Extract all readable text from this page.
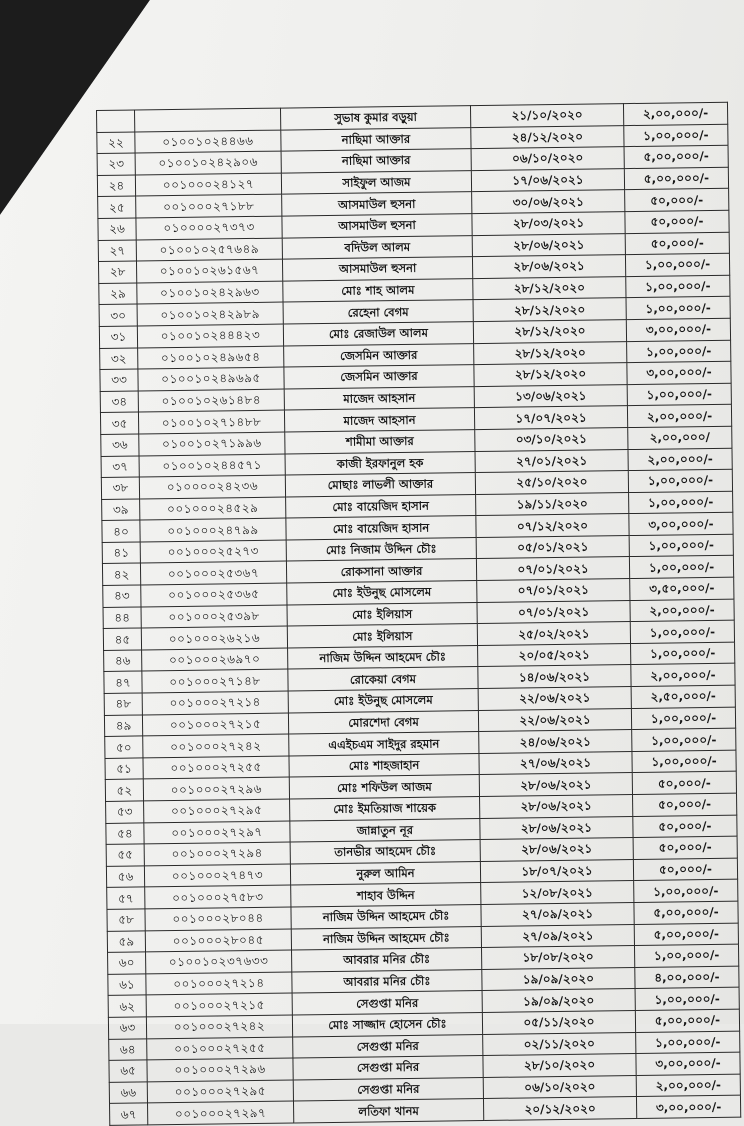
		সুভাষ কুমার বড়ুয়া	২১/১০/২০২০	২,০০,০০০/-
২২	০১০০১০২৪৪৬৬	নাছিমা আক্তার	২৪/১২/২০২০	১,০০,০০০/-
২৩	০১০০১০২৪২৯০৬	নাছিমা আক্তার	০৬/১০/২০২০	৫,০০,০০০/-
২৪	০০১০০০২৪১২৭	সাইফুল আজম	১৭/০৬/২০২১	৫,০০,০০০/-
২৫	০০১০০০২৭১৮৮	আসমাউল হুসনা	৩০/০৬/২০২১	৫০,০০০/-
২৬	০১০০০০২৭৩৭৩	আসমাউল হুসনা	২৮/০৩/২০২১	৫০,০০০/-
২৭	০১০০১০২৫৭৬৪৯	বদিউল আলম	২৮/০৬/২০২১	৫০,০০০/-
২৮	০১০০১০২৬১৫৬৭	আসমাউল হুসনা	২৮/০৬/২০২১	১,০০,০০০/-
২৯	০১০০১০২৪২৯৬৩	মোঃ শাহ আলম	২৮/১২/২০২০	১,০০,০০০/-
৩০	০১০০১০২৪২৯৮৯	রেহেনা বেগম	২৮/১২/২০২০	১,০০,০০০/-
৩১	০১০০১০২৪৪৪২৩	মোঃ রেজাউল আলম	২৮/১২/২০২০	৩,০০,০০০/-
৩২	০১০০১০২৪৯৬৫৪	জেসমিন আক্তার	২৮/১২/২০২০	১,০০,০০০/-
৩৩	০১০০১০২৪৯৬৯৫	জেসমিন আক্তার	২৮/১২/২০২০	৩,০০,০০০/-
৩৪	০১০০১০২৬১৪৮৪	মাজেদ আহসান	১৩/০৬/২০২১	১,০০,০০০/-
৩৫	০১০০১০২৭১৪৮৮	মাজেদ আহসান	১৭/০৭/২০২১	২,০০,০০০/-
৩৬	০১০০১০২৭১৯৯৬	শামীমা আক্তার	০৩/১০/২০২১	২,০০,০০০/
৩৭	০১০০১০২৪৪৫৭১	কাজী ইরফানুল হক	২৭/০১/২০২১	২,০০,০০০/-
৩৮	০১০০০০২৪২৩৬	মোছাঃ লাভলী আক্তার	২৫/১০/২০২০	১,০০,০০০/-
৩৯	০০১০০০২৪৫২৯	মোঃ বায়েজিদ হাসান	১৯/১১/২০২০	১,০০,০০০/-
৪০	০০১০০০২৪৭৯৯	মোঃ বায়েজিদ হাসান	০৭/১২/২০২০	৩,০০,০০০/-
৪১	০০১০০০২৫২৭৩	মোঃ নিজাম উদ্দিন চৌঃ	০৫/০১/২০২১	১,০০,০০০/-
৪২	০০১০০০২৫৩৬৭	রোকসানা আক্তার	০৭/০১/২০২১	১,০০,০০০/-
৪৩	০০১০০০২৫৩৬৫	মোঃ ইউনুছ মোসলেম	০৭/০১/২০২১	৩,৫০,০০০/-
৪৪	০০১০০০২৫৩৯৮	মোঃ ইলিয়াস	০৭/০১/২০২১	২,০০,০০০/-
৪৫	০০১০০০২৬২১৬	মোঃ ইলিয়াস	২৫/০২/২০২১	১,০০,০০০/-
৪৬	০০১০০০২৬৯৭০	নাজিম উদ্দিন আহমেদ চৌঃ	২০/০৫/২০২১	১,০০,০০০/-
৪৭	০০১০০০২৭১৪৮	রোকেয়া বেগম	১৪/০৬/২০২১	২,০০,০০০/-
৪৮	০০১০০০২৭২১৪	মোঃ ইউনুছ মোসলেম	২২/০৬/২০২১	২,৫০,০০০/-
৪৯	০০১০০০২৭২১৫	মোরশেদা বেগম	২২/০৬/২০২১	১,০০,০০০/-
৫০	০০১০০০২৭২৪২	এএইচএম সাইদুর রহমান	২৪/০৬/২০২১	১,০০,০০০/-
৫১	০০১০০০২৭২৫৫	মোঃ শাহজাহান	২৭/০৬/২০২১	১,০০,০০০/-
৫২	০০১০০০২৭২৯৬	মোঃ শফিউল আজম	২৮/০৬/২০২১	৫০,০০০/-
৫৩	০০১০০০২৭২৯৫	মোঃ ইমতিয়াজ শায়েক	২৮/০৬/২০২১	৫০,০০০/-
৫৪	০০১০০০২৭২৯৭	জান্নাতুন নূর	২৮/০৬/২০২১	৫০,০০০/-
৫৫	০০১০০০২৭২৯৪	তানভীর আহমেদ চৌঃ	২৮/০৬/২০২১	৫০,০০০/-
৫৬	০০১০০০২৭৪৭৩	নুরুল আমিন	১৮/০৭/২০২১	৫০,০০০/-
৫৭	০০১০০০২৭৫৮৩	শাহাব উদ্দিন	১২/০৮/২০২১	১,০০,০০০/-
৫৮	০০১০০০২৮০৪৪	নাজিম উদ্দিন আহমেদ চৌঃ	২৭/০৯/২০২১	৫,০০,০০০/-
৫৯	০০১০০০২৮০৪৫	নাজিম উদ্দিন আহমেদ চৌঃ	২৭/০৯/২০২১	৫,০০,০০০/-
৬০	০১০০১০২৩৭৬৩৩	আবরার মনির চৌঃ	১৮/০৮/২০২০	১,০০,০০০/-
৬১	০০১০০০২৭২১৪	আবরার মনির চৌঃ	১৯/০৯/২০২০	৪,০০,০০০/-
৬২	০০১০০০২৭২১৫	সেগুপ্তা মনির	১৯/০৯/২০২০	১,০০,০০০/-
৬৩	০০১০০০২৭২৪২	মোঃ সাজ্জাদ হোসেন চৌঃ	০৫/১১/২০২০	৫,০০,০০০/-
৬৪	০০১০০০২৭২৫৫	সেগুপ্তা মনির	০২/১১/২০২০	১,০০,০০০/-
৬৫	০০১০০০২৭২৯৬	সেগুপ্তা মনির	২৮/১০/২০২০	৩,০০,০০০/-
৬৬	০০১০০০২৭২৯৫	সেগুপ্তা মনির	০৬/১০/২০২০	২,০০,০০০/-
৬৭	০০১০০০২৭২৯৭	লতিফা খানম	২০/১২/২০২০	৩,০০,০০০/-
